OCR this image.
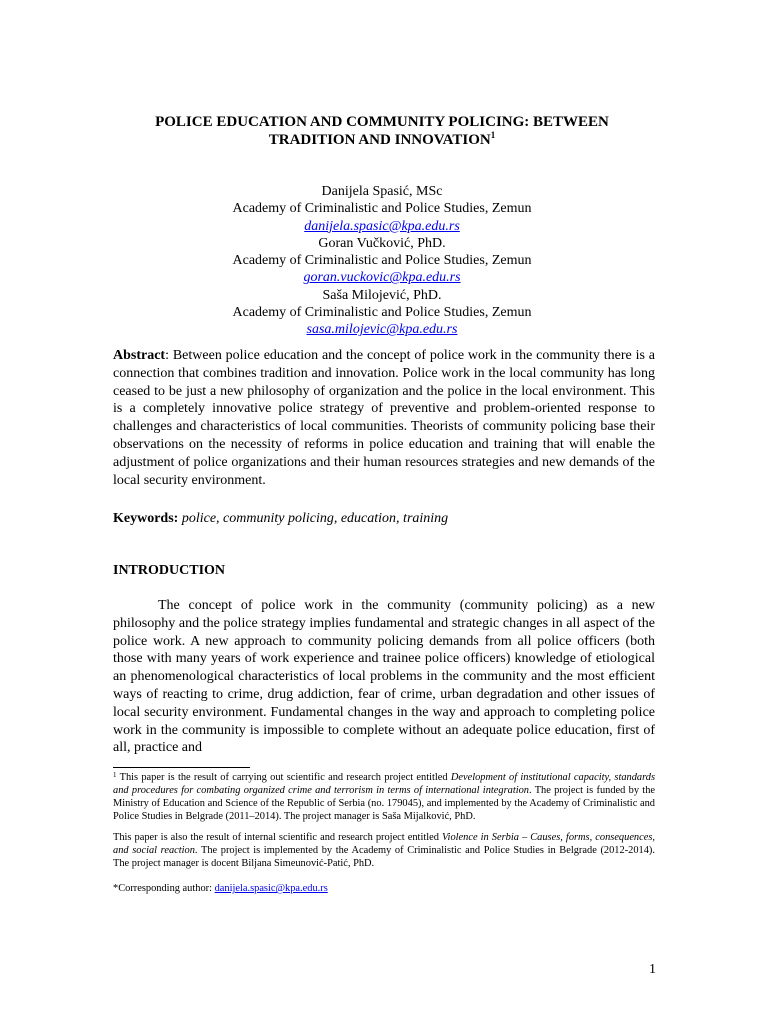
POLICE EDUCATION AND COMMUNITY POLICING: BETWEEN
TRADITION AND INNOVATION$^1$
Danijela Spasić, MSc
Academy of Criminalistic and Police Studies, Zemun
danijela.spasic@kpa.edu.rs
Goran Vučković, PhD.
Academy of Criminalistic and Police Studies, Zemun
goran.vuckovic@kpa.edu.rs
Saša Milojević, PhD.
Academy of Criminalistic and Police Studies, Zemun
sasa.milojevic@kpa.edu.rs
Abstract: Between police education and the concept of police work in the community there is a connection that combines tradition and innovation. Police work in the local community has long ceased to be just a new philosophy of organization and the police in the local environment. This is a completely innovative police strategy of preventive and problem-oriented response to challenges and characteristics of local communities. Theorists of community policing base their observations on the necessity of reforms in police education and training that will enable the adjustment of police organizations and their human resources strategies and new demands of the local security environment.
Keywords: police, community policing, education, training
INTRODUCTION
The concept of police work in the community (community policing) as a new philosophy and the police strategy implies fundamental and strategic changes in all aspect of the police work. A new approach to community policing demands from all police officers (both those with many years of work experience and trainee police officers) knowledge of etiological an phenomenological characteristics of local problems in the community and the most efficient ways of reacting to crime, drug addiction, fear of crime, urban degradation and other issues of local security environment. Fundamental changes in the way and approach to completing police work in the community is impossible to complete without an adequate police education, first of all, practice and

$^1$ This paper is the result of carrying out scientific and research project entitled Development of institutional capacity, standards and procedures for combating organized crime and terrorism in terms of international integration. The project is funded by the Ministry of Education and Science of the Republic of Serbia (no. 179045), and implemented by the Academy of Criminalistic and Police Studies in Belgrade (2011–2014). The project manager is Saša Mijalković, PhD.

This paper is also the result of internal scientific and research project entitled Violence in Serbia – Causes, forms, consequences, and social reaction. The project is implemented by the Academy of Criminalistic and Police Studies in Belgrade (2012-2014). The project manager is docent Biljana Simeunović-Patić, PhD.

*Corresponding author: danijela.spasic@kpa.edu.rs

1
